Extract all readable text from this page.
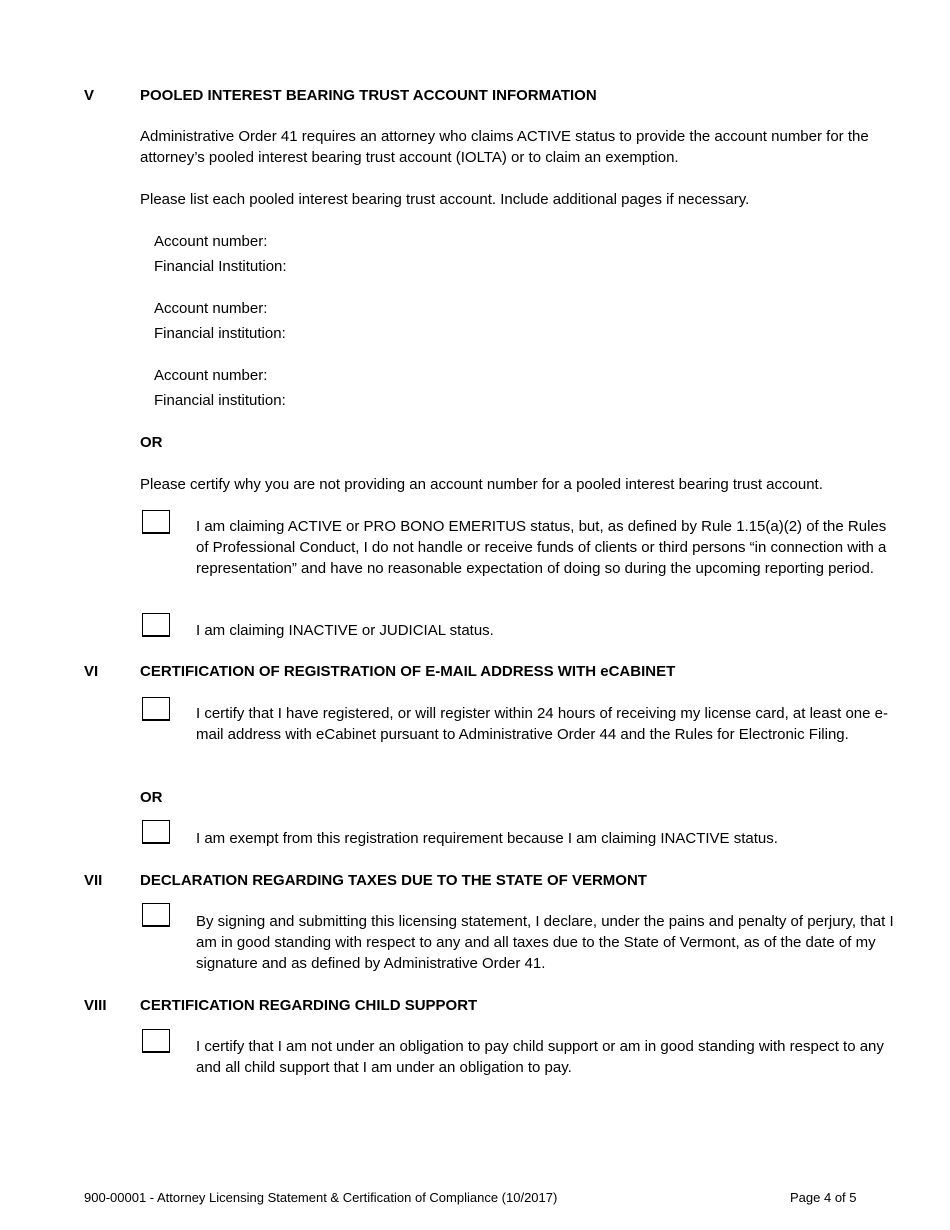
V	POOLED INTEREST BEARING TRUST ACCOUNT INFORMATION
Administrative Order 41 requires an attorney who claims ACTIVE status to provide the account number for the attorney’s pooled interest bearing trust account (IOLTA) or to claim an exemption.
Please list each pooled interest bearing trust account. Include additional pages if necessary.
Account number:
Financial Institution:
Account number:
Financial institution:
Account number:
Financial institution:
OR
Please certify why you are not providing an account number for a pooled interest bearing trust account.
I am claiming ACTIVE or PRO BONO EMERITUS status, but, as defined by Rule 1.15(a)(2) of the Rules of Professional Conduct, I do not handle or receive funds of clients or third persons “in connection with a representation” and have no reasonable expectation of doing so during the upcoming reporting period.
I am claiming INACTIVE or JUDICIAL status.
VI	CERTIFICATION OF REGISTRATION OF E-MAIL ADDRESS WITH eCABINET
I certify that I have registered, or will register within 24 hours of receiving my license card, at least one e-mail address with eCabinet pursuant to Administrative Order 44 and the Rules for Electronic Filing.
OR
I am exempt from this registration requirement because I am claiming INACTIVE status.
VII	DECLARATION REGARDING TAXES DUE TO THE STATE OF VERMONT
By signing and submitting this licensing statement, I declare, under the pains and penalty of perjury, that I am in good standing with respect to any and all taxes due to the State of Vermont, as of the date of my signature and as defined by Administrative Order 41.
VIII CERTIFICATION REGARDING CHILD SUPPORT
I certify that I am not under an obligation to pay child support or am in good standing with respect to any and all child support that I am under an obligation to pay.
900-00001 - Attorney Licensing Statement & Certification of Compliance (10/2017)	Page 4 of 5
